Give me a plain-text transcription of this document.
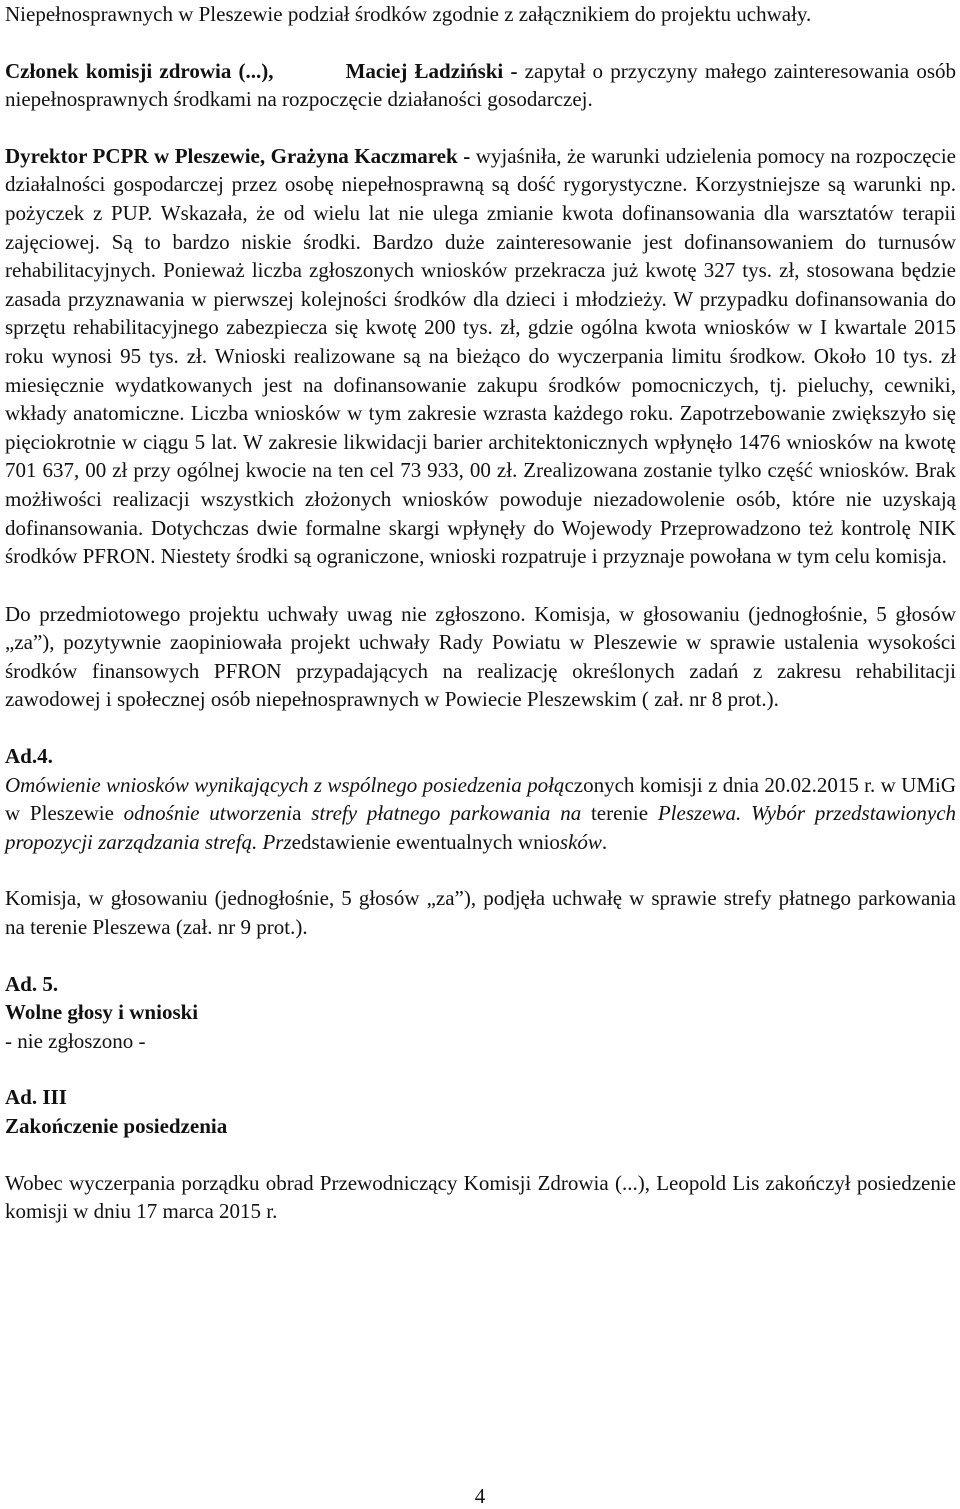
Niepełnosprawnych w Pleszewie podział środków zgodnie z załącznikiem do projektu uchwały.

Członek komisji zdrowia (...),	Maciej Ładziński - zapytał o przyczyny małego zainteresowania osób niepełnosprawnych środkami na rozpoczęcie działaności gosodarczej.

Dyrektor PCPR w Pleszewie, Grażyna Kaczmarek - wyjaśniła, że warunki udzielenia pomocy na rozpoczęcie działalności gospodarczej przez osobę niepełnosprawną są dość rygorystyczne. Korzystniejsze są warunki np. pożyczek z PUP. Wskazała, że od wielu lat nie ulega zmianie kwota dofinansowania dla warsztatów terapii zajęciowej. Są to bardzo niskie środki. Bardzo duże zainteresowanie jest dofinansowaniem do turnusów rehabilitacyjnych. Ponieważ liczba zgłoszonych wniosków przekracza już kwotę 327 tys. zł, stosowana będzie zasada przyznawania w pierwszej kolejności środków dla dzieci i młodzieży. W przypadku dofinansowania do sprzętu rehabilitacyjnego zabezpiecza się kwotę 200 tys. zł, gdzie ogólna kwota wniosków w I kwartale 2015 roku wynosi 95 tys. zł. Wnioski realizowane są na bieżąco do wyczerpania limitu środkow. Około 10 tys. zł miesięcznie wydatkowanych jest na dofinansowanie zakupu środków pomocniczych, tj. pieluchy, cewniki, wkłady anatomiczne. Liczba wniosków w tym zakresie wzrasta każdego roku. Zapotrzebowanie zwiększyło się pięciokrotnie w ciągu 5 lat. W zakresie likwidacji barier architektonicznych wpłynęło 1476 wniosków na kwotę 701 637, 00 zł przy ogólnej kwocie na ten cel 73 933, 00 zł. Zrealizowana zostanie tylko część wniosków. Brak możłiwości realizacji wszystkich złożonych wniosków powoduje niezadowolenie osób, które nie uzyskają dofinansowania. Dotychczas dwie formalne skargi wpłynęły do Wojewody Przeprowadzono też kontrolę NIK środków PFRON. Niestety środki są ograniczone, wnioski rozpatruje i przyznaje powołana w tym celu komisja.

Do przedmiotowego projektu uchwały uwag nie zgłoszono. Komisja, w głosowaniu (jednogłośnie, 5 głosów „za”), pozytywnie zaopiniowała projekt uchwały Rady Powiatu w Pleszewie w sprawie ustalenia wysokości środków finansowych PFRON przypadających na realizację określonych zadań z zakresu rehabilitacji zawodowej i społecznej osób niepełnosprawnych w Powiecie Pleszewskim ( zał. nr 8 prot.).

Ad.4.

Omówienie wniosków wynikających z wspólnego posiedzenia połączonych komisji z dnia 20.02.2015 r. w UMiG w Pleszewie odnośnie utworzenia strefy płatnego parkowania na terenie Pleszewa. Wybór przedstawionych propozycji zarządzania strefą. Przedstawienie ewentualnych wniosków.

Komisja, w głosowaniu (jednogłośnie, 5 głosów „za”), podjęła uchwałę w sprawie strefy płatnego parkowania na terenie Pleszewa (zał. nr 9 prot.).

Ad. 5.

Wolne głosy i wnioski

- nie zgłoszono -

Ad. III

Zakończenie posiedzenia

Wobec wyczerpania porządku obrad Przewodniczący Komisji Zdrowia (...), Leopold Lis zakończył posiedzenie komisji w dniu 17 marca 2015 r.

4
